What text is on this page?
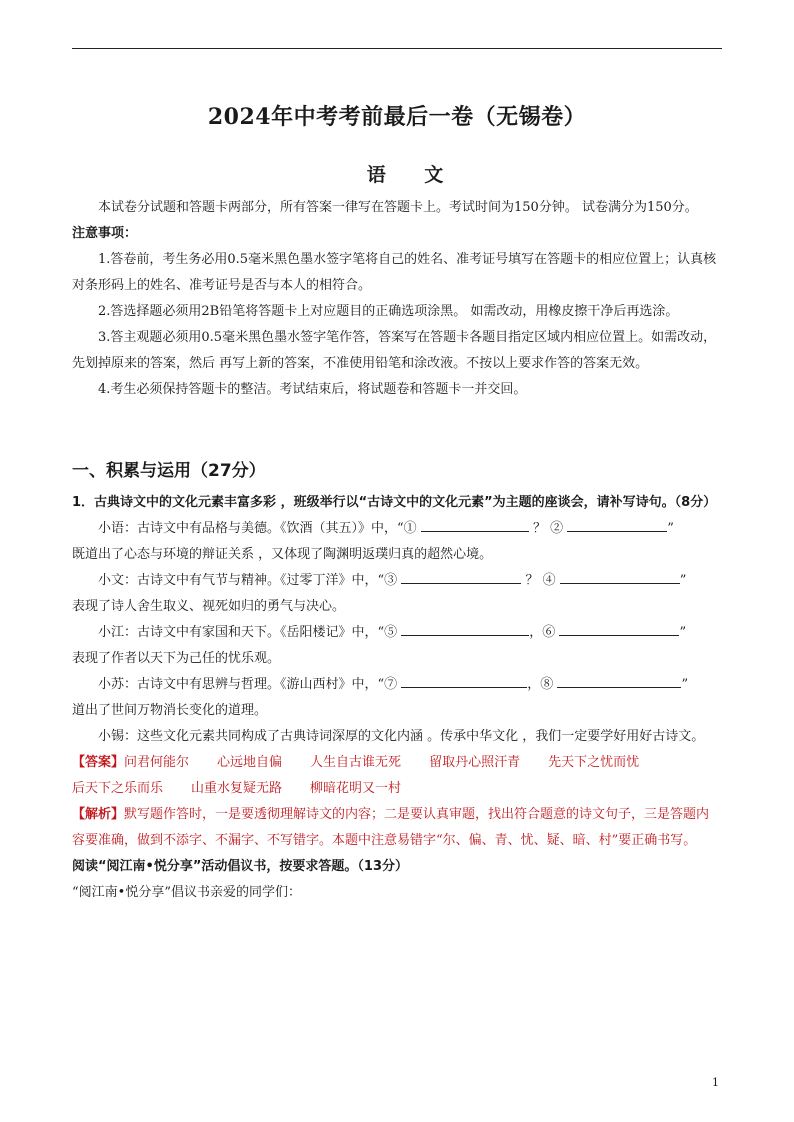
2024年中考考前最后一卷（无锡卷）
语 文

本试卷分试题和答题卡两部分，所有答案一律写在答题卡上。考试时间为150分钟。 试卷满分为150分。

注意事项：

1.答卷前，考生务必用0.5毫米黑色墨水签字笔将自己的姓名、准考证号填写在答题卡的相应位置上；认真核对条形码上的姓名、准考证号是否与本人的相符合。

2.答选择题必须用2B铅笔将答题卡上对应题目的正确选项涂黑。 如需改动，用橡皮擦干净后再选涂。

3.答主观题必须用0.5毫米黑色墨水签字笔作答，答案写在答题卡各题目指定区域内相应位置上。如需改动，先划掉原来的答案，然后 再写上新的答案，不准使用铅笔和涂改液。不按以上要求作答的答案无效。

4.考生必须保持答题卡的整洁。考试结束后，将试题卷和答题卡一并交回。

一、积累与运用（27分）

1．古典诗文中的文化元素丰富多彩 ，班级举行以“古诗文中的文化元素”为主题的座谈会，请补写诗句。（8分）

小语：古诗文中有品格与美德。《饮酒（其五）》中，“①	？ ②	”

既道出了心态与环境的辩证关系 ，又体现了陶渊明返璞归真的超然心境。

小文：古诗文中有气节与精神。《过零丁洋》中，“③	？ ④	”

表现了诗人舍生取义、视死如归的勇气与决心。

小江：古诗文中有家国和天下。《岳阳楼记》中，“⑤	，⑥	”

表现了作者以天下为己任的忧乐观。

小苏：古诗文中有思辨与哲理。《游山西村》中，“⑦	，⑧	”

道出了世间万物消长变化的道理。

小锡：这些文化元素共同构成了古典诗词深厚的文化内涵 。传承中华文化 ，我们一定要学好用好古诗文。

【答案】问君何能尔 心远地自偏 人生自古谁无死 留取丹心照汗青 先天下之忧而忧

后天下之乐而乐 山重水复疑无路 柳暗花明又一村

【解析】默写题作答时，一是要透彻理解诗文的内容；二是要认真审题，找出符合题意的诗文句子，三是答题内容要准确，做到不添字、不漏字、不写错字。本题中注意易错字“尔、偏、青、忧、疑、暗、村”要正确书写。

阅读“阅江南•悦分享”活动倡议书，按要求答题。（13分）

“阅江南•悦分享”倡议书亲爱的同学们：

1
